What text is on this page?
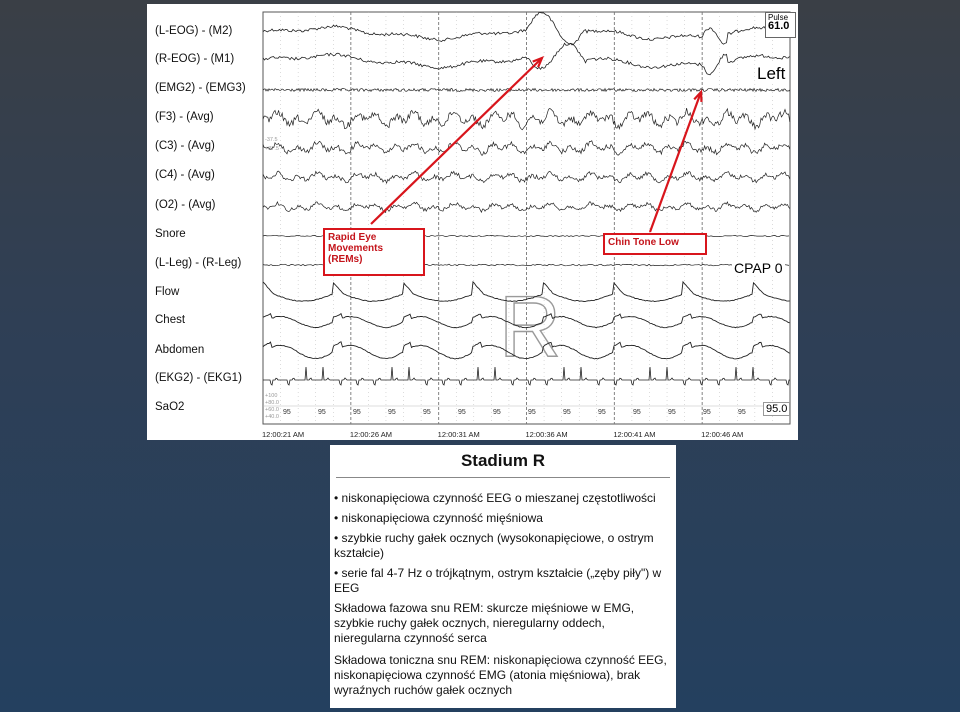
R
95	95	95	95	95	95	95	95	95	95	95	95	95	95
+100
+80.0
+60.0
+40.0
-37.5
+37.5
(L-EOG) - (M2)
(R-EOG) - (M1)
(EMG2) - (EMG3)
(F3) - (Avg)
(C3) - (Avg)
(C4) - (Avg)
(O2) - (Avg)
Snore
(L-Leg) - (R-Leg)
Flow
Chest
Abdomen
(EKG2) - (EKG1)
SaO2
12:00:21 AM	12:00:26 AM	12:00:31 AM	12:00:36 AM	12:00:41 AM	12:00:46 AM
Pulse
61.0
Left
CPAP 0
95.0
Rapid Eye
Movements
(REMs)
Chin Tone Low
Stadium R
• niskonapięciowa czynność EEG o mieszanej częstotliwości
• niskonapięciowa czynność mięśniowa
• szybkie ruchy gałek ocznych (wysokonapięciowe, o ostrym kształcie)
• serie fal 4-7 Hz o trójkątnym, ostrym kształcie („zęby piły") w EEG
Składowa fazowa snu REM: skurcze mięśniowe w EMG, szybkie ruchy gałek ocznych, nieregularny oddech, nieregularna czynność serca
Składowa toniczna snu REM: niskonapięciowa czynność EEG, niskonapięciowa czynność EMG (atonia mięśniowa), brak wyraźnych ruchów gałek ocznych
